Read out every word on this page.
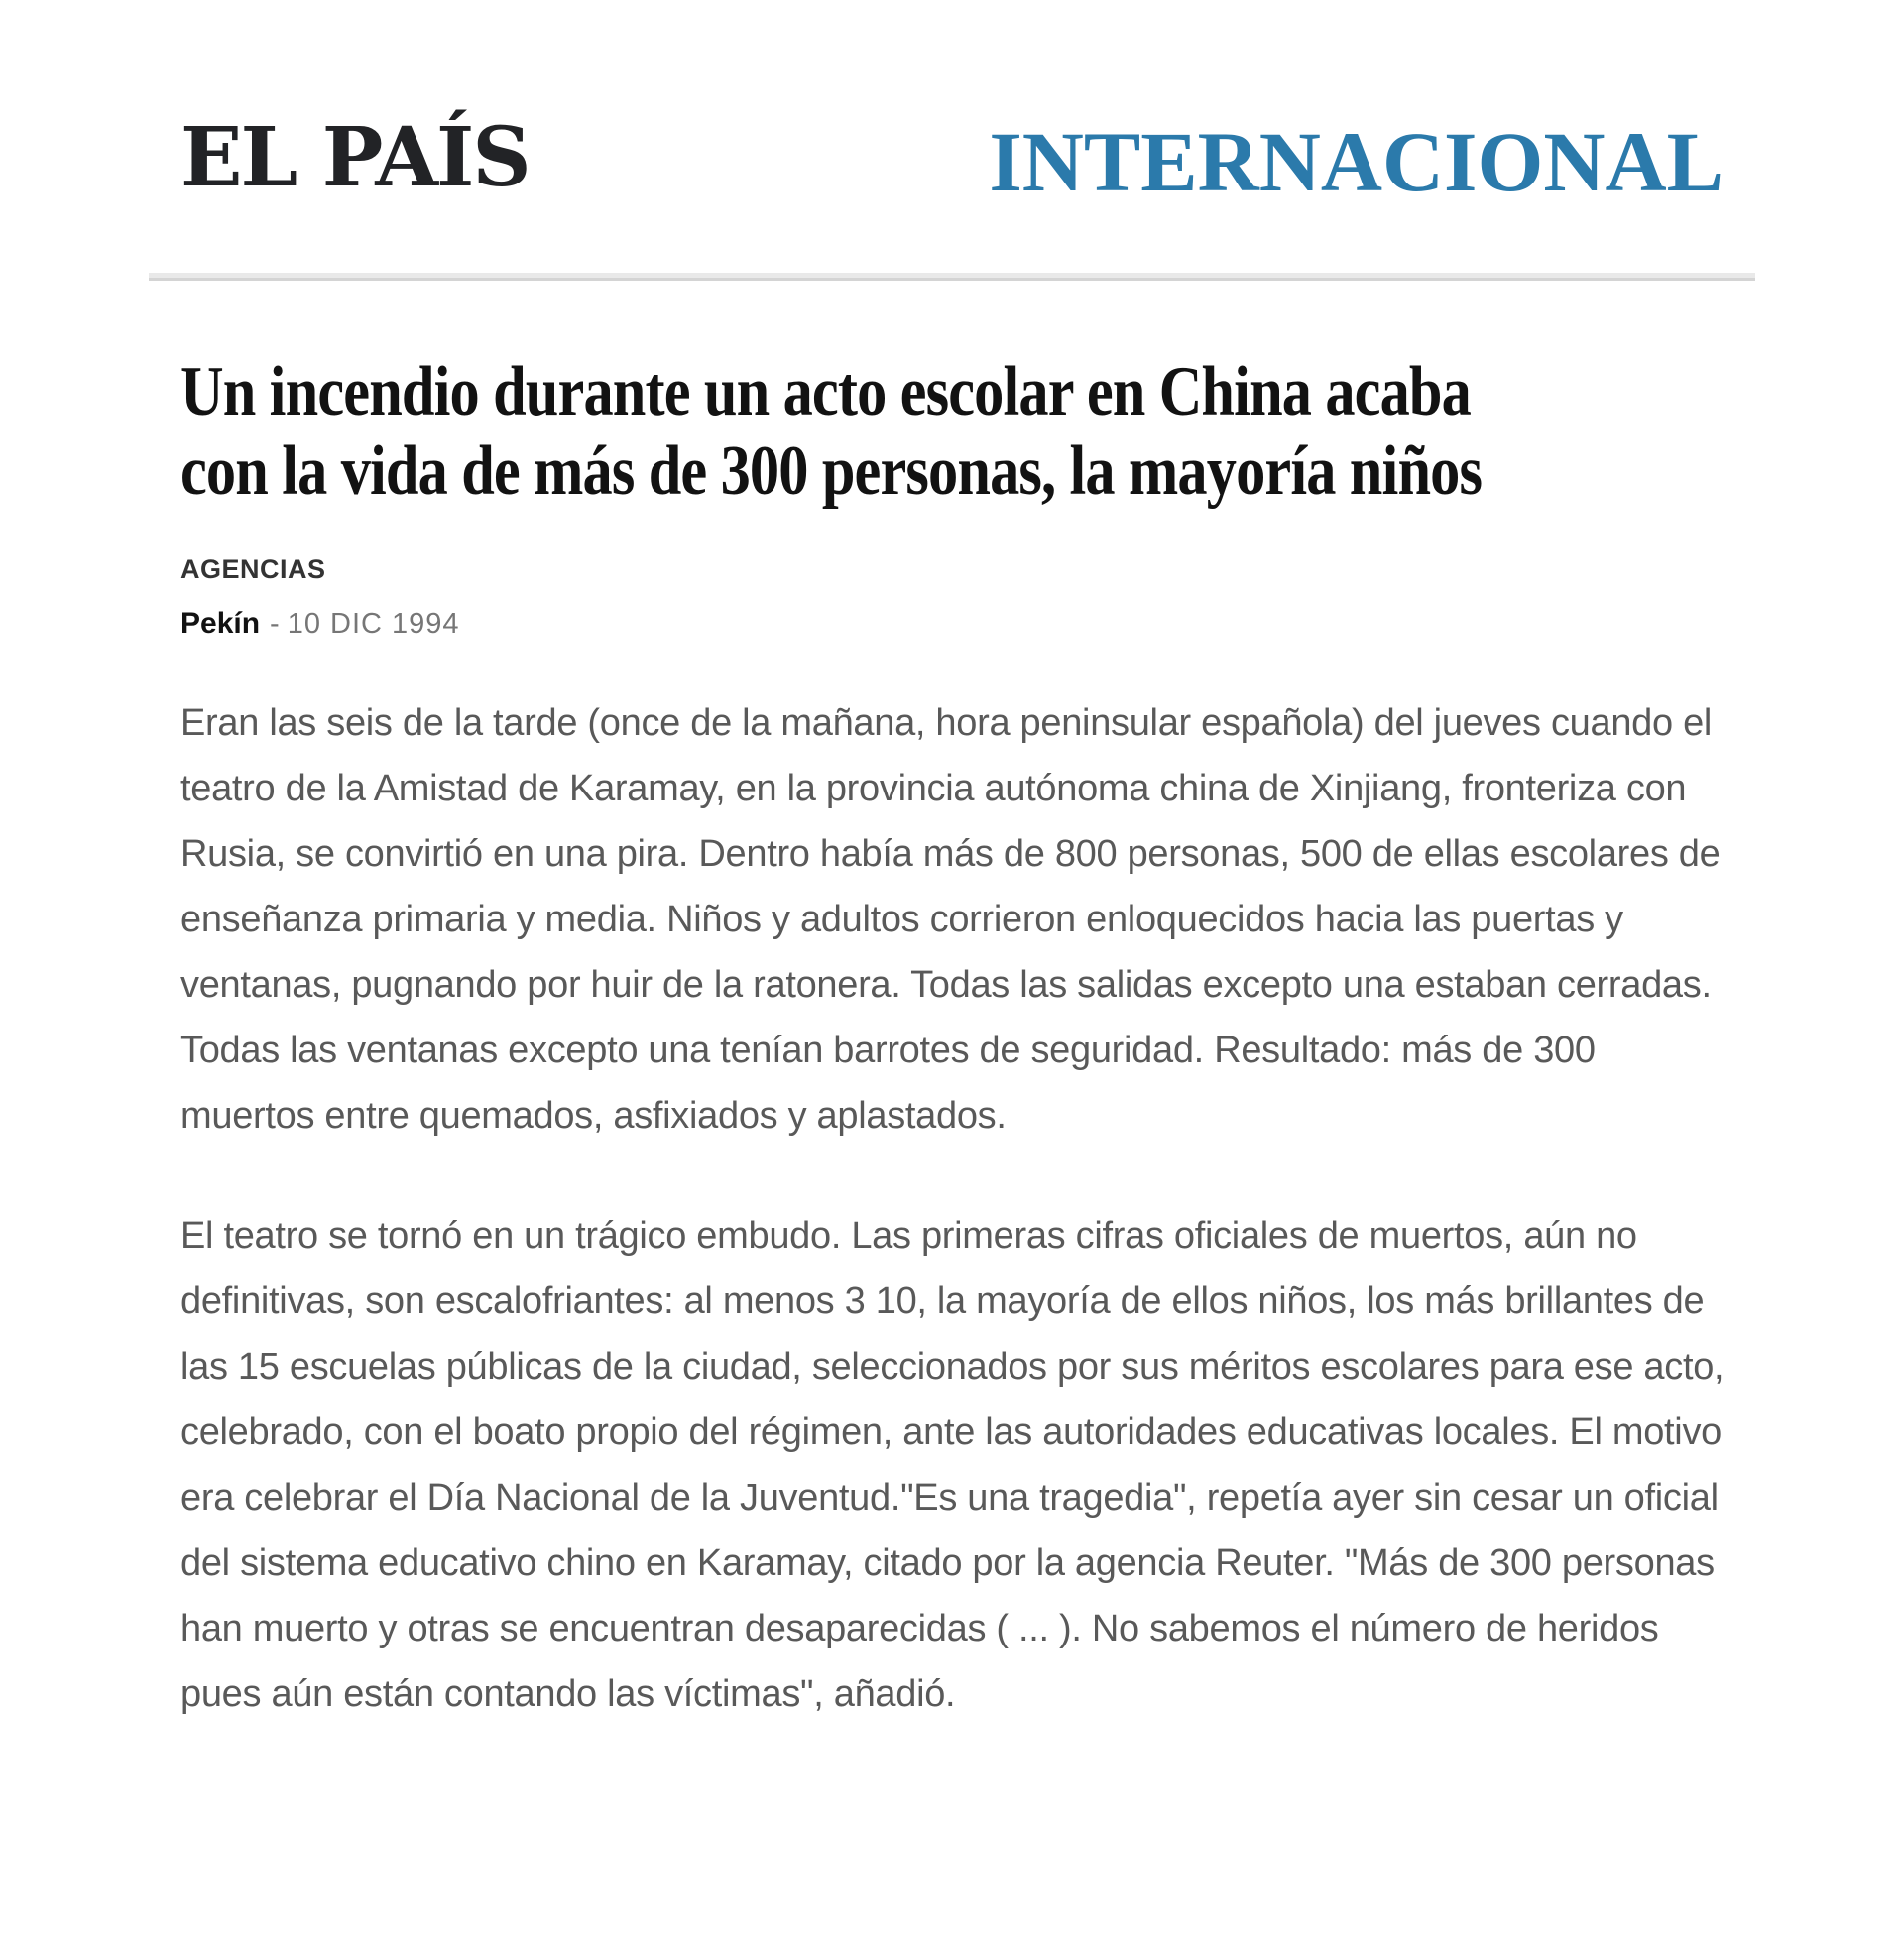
EL PAÍS	INTERNACIONAL
Un incendio durante un acto escolar en China acaba
con la vida de más de 300 personas, la mayoría niños
AGENCIAS
Pekín - 10 DIC 1994

Eran las seis de la tarde (once de la mañana, hora peninsular española) del jueves cuando el teatro de la Amistad de Karamay, en la provincia autónoma china de Xinjiang, fronteriza con Rusia, se convirtió en una pira. Dentro había más de 800 personas, 500 de ellas escolares de enseñanza primaria y media. Niños y adultos corrieron enloquecidos hacia las puertas y ventanas, pugnando por huir de la ratonera. Todas las salidas excepto una estaban cerradas. Todas las ventanas excepto una tenían barrotes de seguridad. Resultado: más de 300 muertos entre quemados, asfixiados y aplastados.

El teatro se tornó en un trágico embudo. Las primeras cifras oficiales de muertos, aún no definitivas, son escalofriantes: al menos 3 10, la mayoría de ellos niños, los más brillantes de las 15 escuelas públicas de la ciudad, seleccionados por sus méritos escolares para ese acto, celebrado, con el boato propio del régimen, ante las autoridades educativas locales. El motivo era celebrar el Día Nacional de la Juventud."Es una tragedia", repetía ayer sin cesar un oficial del sistema educativo chino en Karamay, citado por la agencia Reuter. "Más de 300 personas han muerto y otras se encuentran desaparecidas ( ... ). No sabemos el número de heridos pues aún están contando las víctimas", añadió.
